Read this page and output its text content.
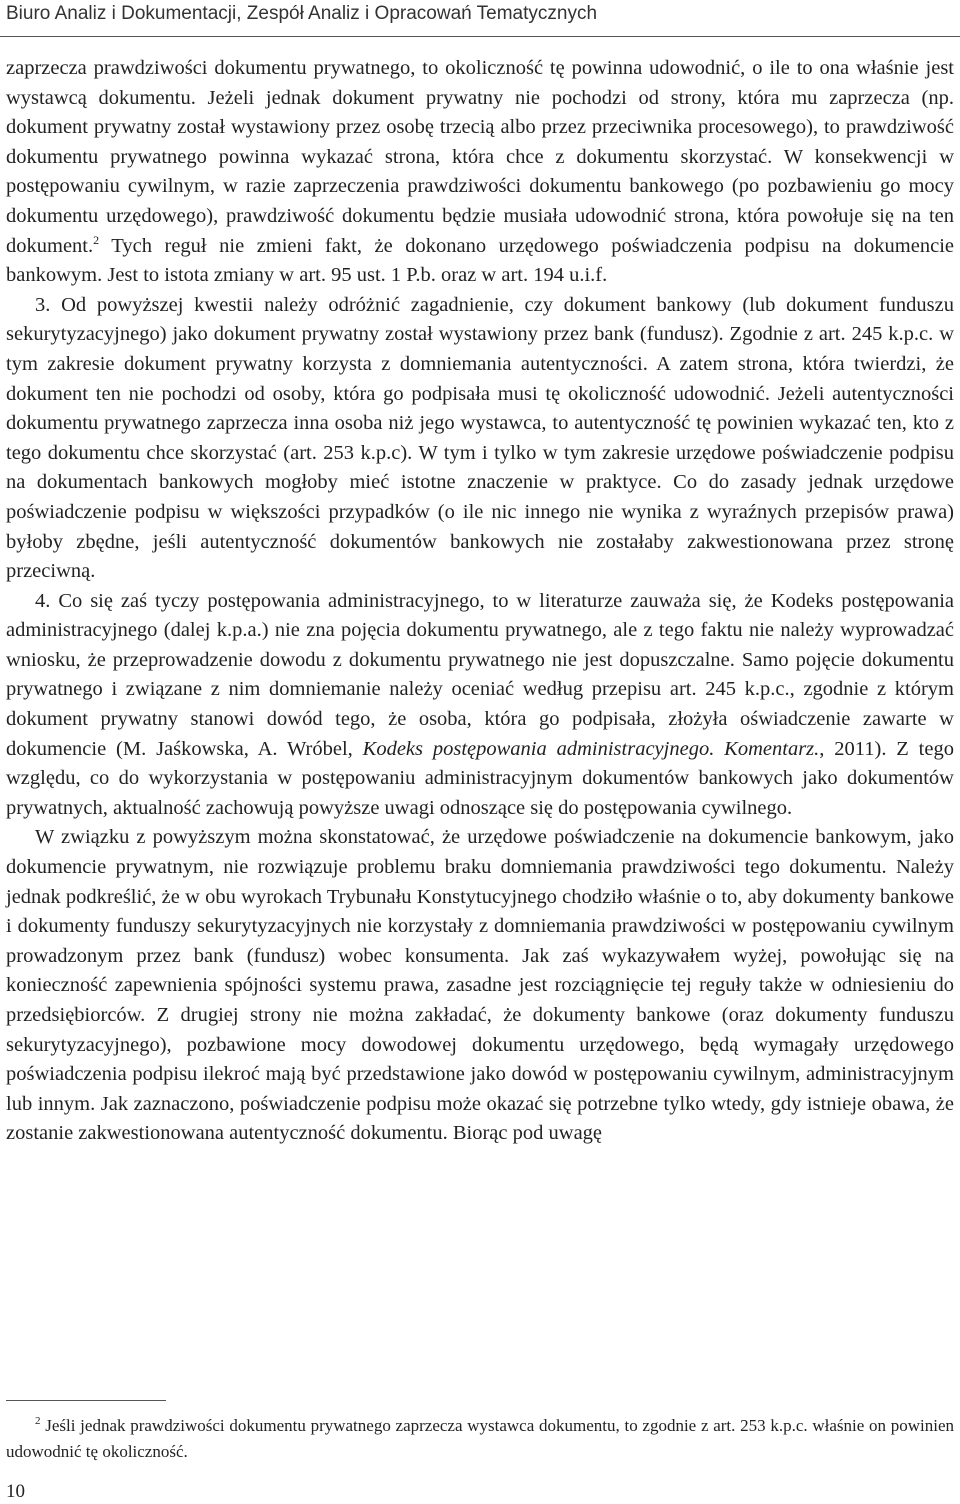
Biuro Analiz i Dokumentacji, Zespół Analiz i Opracowań Tematycznych

zaprzecza prawdziwości dokumentu prywatnego, to okoliczność tę powinna udowodnić, o ile to ona właśnie jest wystawcą dokumentu. Jeżeli jednak dokument prywatny nie pochodzi od strony, która mu zaprzecza (np. dokument prywatny został wystawiony przez osobę trzecią albo przez przeciwnika procesowego), to prawdziwość dokumentu prywatnego powinna wykazać strona, która chce z dokumentu skorzystać. W konsekwencji w postępowaniu cywilnym, w razie zaprzeczenia prawdziwości dokumentu bankowego (po pozbawieniu go mocy dokumentu urzędowego), prawdziwość dokumentu będzie musiała udowodnić strona, która powołuje się na ten dokument.$^2$ Tych reguł nie zmieni fakt, że dokonano urzędowego poświadczenia podpisu na dokumencie bankowym. Jest to istota zmiany w art. 95 ust. 1 P.b. oraz w art. 194 u.i.f.

3. Od powyższej kwestii należy odróżnić zagadnienie, czy dokument bankowy (lub dokument funduszu sekurytyzacyjnego) jako dokument prywatny został wystawiony przez bank (fundusz). Zgodnie z art. 245 k.p.c. w tym zakresie dokument prywatny korzysta z domniemania autentyczności. A zatem strona, która twierdzi, że dokument ten nie pochodzi od osoby, która go podpisała musi tę okoliczność udowodnić. Jeżeli autentyczności dokumentu prywatnego zaprzecza inna osoba niż jego wystawca, to autentyczność tę powinien wykazać ten, kto z tego dokumentu chce skorzystać (art. 253 k.p.c). W tym i tylko w tym zakresie urzędowe poświadczenie podpisu na dokumentach bankowych mogłoby mieć istotne znaczenie w praktyce. Co do zasady jednak urzędowe poświadczenie podpisu w większości przypadków (o ile nic innego nie wynika z wyraźnych przepisów prawa) byłoby zbędne, jeśli autentyczność dokumentów bankowych nie zostałaby zakwestionowana przez stronę przeciwną.

4. Co się zaś tyczy postępowania administracyjnego, to w literaturze zauważa się, że Kodeks postępowania administracyjnego (dalej k.p.a.) nie zna pojęcia dokumentu prywatnego, ale z tego faktu nie należy wyprowadzać wniosku, że przeprowadzenie dowodu z dokumentu prywatnego nie jest dopuszczalne. Samo pojęcie dokumentu prywatnego i związane z nim domniemanie należy oceniać według przepisu art. 245 k.p.c., zgodnie z którym dokument prywatny stanowi dowód tego, że osoba, która go podpisała, złożyła oświadczenie zawarte w dokumencie (M. Jaśkowska, A. Wróbel, Kodeks postępowania administracyjnego. Komentarz., 2011). Z tego względu, co do wykorzystania w postępowaniu administracyjnym dokumentów bankowych jako dokumentów prywatnych, aktualność zachowują powyższe uwagi odnoszące się do postępowania cywilnego.

W związku z powyższym można skonstatować, że urzędowe poświadczenie na dokumencie bankowym, jako dokumencie prywatnym, nie rozwiązuje problemu braku domniemania prawdziwości tego dokumentu. Należy jednak podkreślić, że w obu wyrokach Trybunału Konstytucyjnego chodziło właśnie o to, aby dokumenty bankowe i dokumenty funduszy sekurytyzacyjnych nie korzystały z domniemania prawdziwości w postępowaniu cywilnym prowadzonym przez bank (fundusz) wobec konsumenta. Jak zaś wykazywałem wyżej, powołując się na konieczność zapewnienia spójności systemu prawa, zasadne jest rozciągnięcie tej reguły także w odniesieniu do przedsiębiorców. Z drugiej strony nie można zakładać, że dokumenty bankowe (oraz dokumenty funduszu sekurytyzacyjnego), pozbawione mocy dowodowej dokumentu urzędowego, będą wymagały urzędowego poświadczenia podpisu ilekroć mają być przedstawione jako dowód w postępowaniu cywilnym, administracyjnym lub innym. Jak zaznaczono, poświadczenie podpisu może okazać się potrzebne tylko wtedy, gdy istnieje obawa, że zostanie zakwestionowana autentyczność dokumentu. Biorąc pod uwagę

$^2$ Jeśli jednak prawdziwości dokumentu prywatnego zaprzecza wystawca dokumentu, to zgodnie z art. 253 k.p.c. właśnie on powinien udowodnić tę okoliczność.
10
